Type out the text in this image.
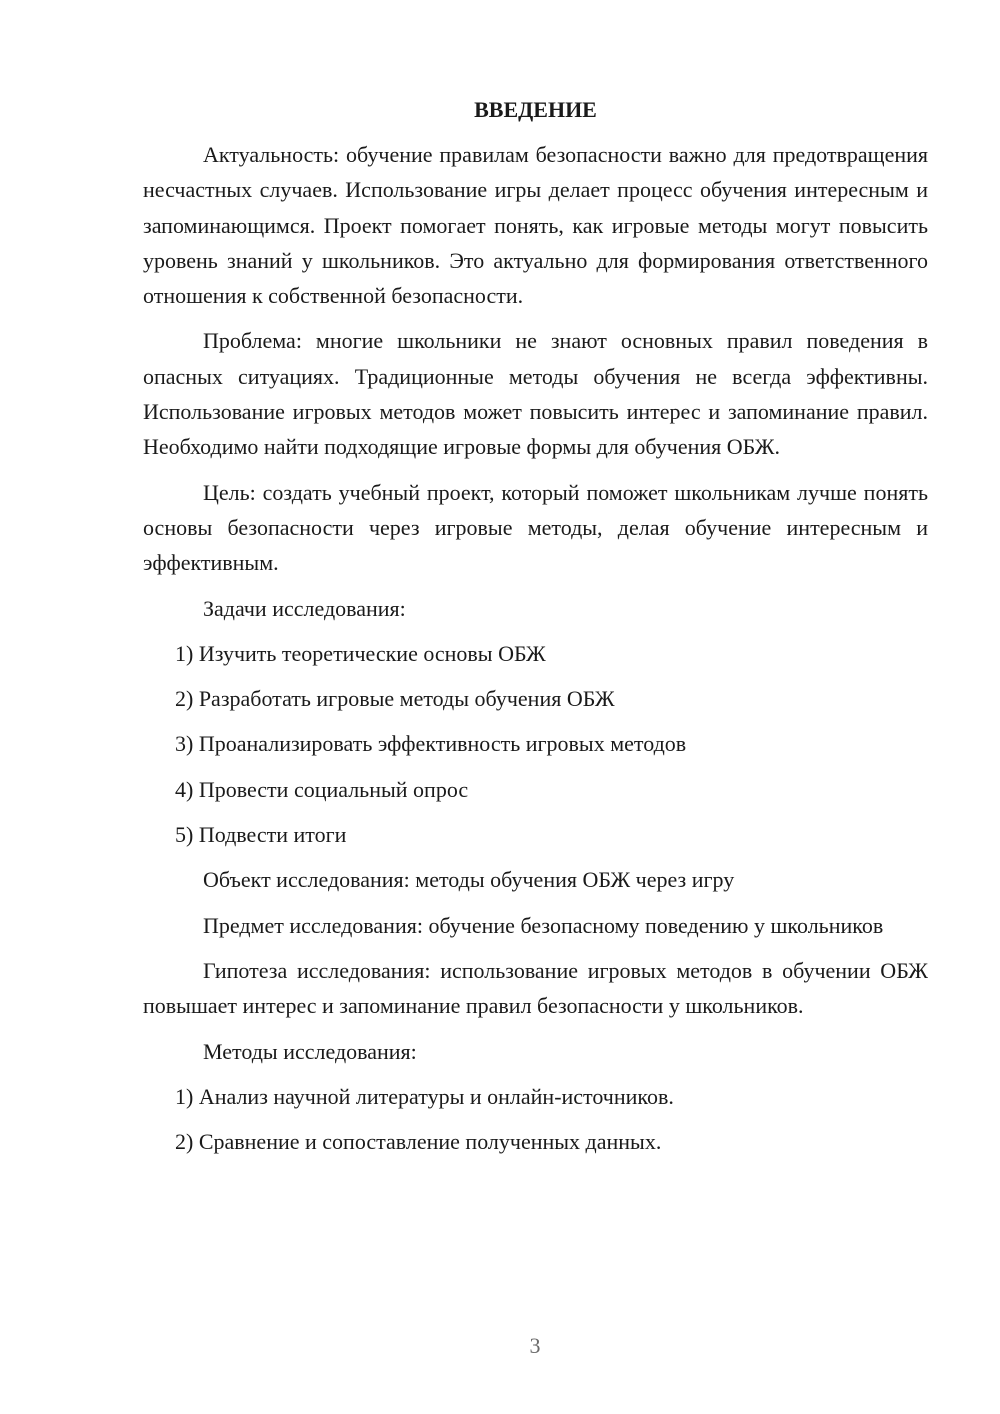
ВВЕДЕНИЕ

Актуальность: обучение правилам безопасности важно для предотвращения несчастных случаев. Использование игры делает процесс обучения интересным и запоминающимся. Проект помогает понять, как игровые методы могут повысить уровень знаний у школьников. Это актуально для формирования ответственного отношения к собственной безопасности.

Проблема: многие школьники не знают основных правил поведения в опасных ситуациях. Традиционные методы обучения не всегда эффективны. Использование игровых методов может повысить интерес и запоминание правил. Необходимо найти подходящие игровые формы для обучения ОБЖ.

Цель: создать учебный проект, который поможет школьникам лучше понять основы безопасности через игровые методы, делая обучение интересным и эффективным.

Задачи исследования:
1) Изучить теоретические основы ОБЖ
2) Разработать игровые методы обучения ОБЖ
3) Проанализировать эффективность игровых методов
4) Провести социальный опрос
5) Подвести итоги
Объект исследования: методы обучения ОБЖ через игру

Предмет исследования: обучение безопасному поведению у школьников

Гипотеза исследования: использование игровых методов в обучении ОБЖ повышает интерес и запоминание правил безопасности у школьников.

Методы исследования:
1) Анализ научной литературы и онлайн-источников.
2) Сравнение и сопоставление полученных данных.
3
